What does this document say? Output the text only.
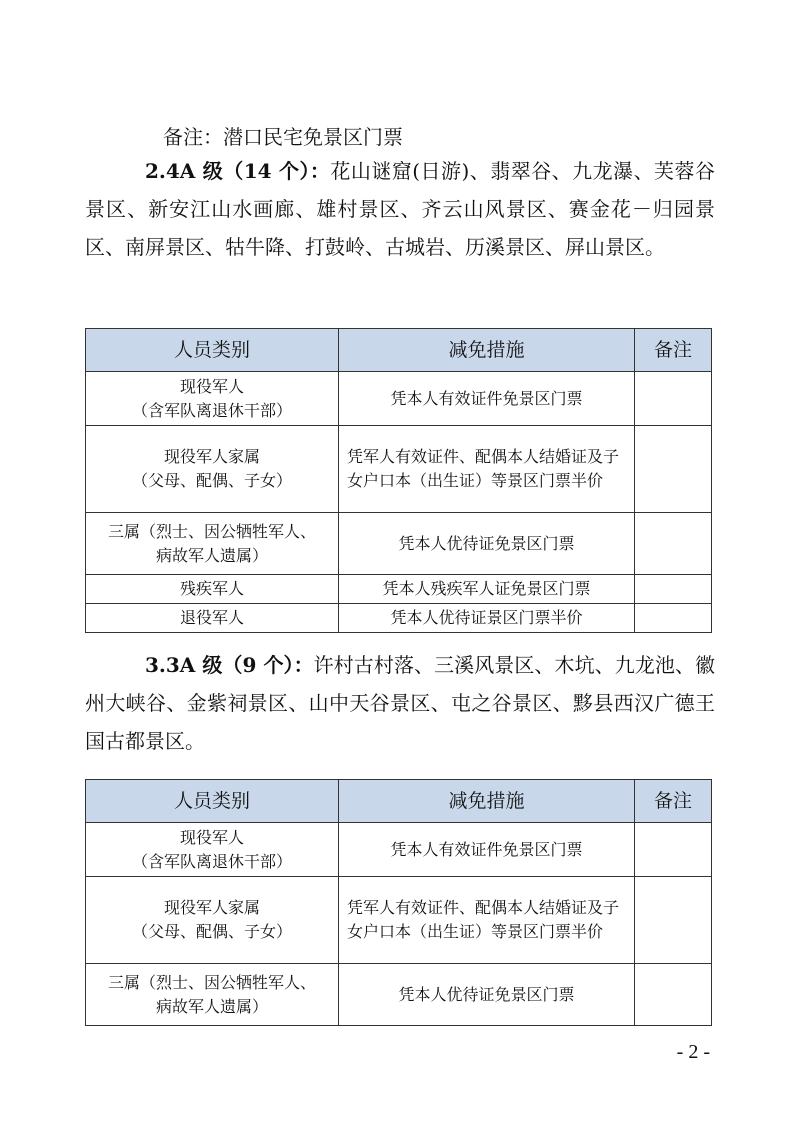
备注：潜口民宅免景区门票
2.4A 级（14 个）：花山谜窟(日游)、翡翠谷、九龙瀑、芙蓉谷景区、新安江山水画廊、雄村景区、齐云山风景区、赛金花－归园景区、南屏景区、牯牛降、打鼓岭、古城岩、历溪景区、屏山景区。
人员类别	减免措施	备注

现役军人
（含军队离退休干部）	凭本人有效证件免景区门票	

现役军人家属
（父母、配偶、子女）	凭军人有效证件、配偶本人结婚证及子女户口本（出生证）等景区门票半价	

三属（烈士、因公牺牲军人、
病故军人遗属）	凭本人优待证免景区门票	

残疾军人	凭本人残疾军人证免景区门票	

退役军人	凭本人优待证景区门票半价	

3.3A 级（9 个）：许村古村落、三溪风景区、木坑、九龙池、徽州大峡谷、金紫祠景区、山中天谷景区、屯之谷景区、黟县西汉广德王国古都景区。
人员类别	减免措施	备注

现役军人
（含军队离退休干部）	凭本人有效证件免景区门票	

现役军人家属
（父母、配偶、子女）	凭军人有效证件、配偶本人结婚证及子女户口本（出生证）等景区门票半价	

三属（烈士、因公牺牲军人、
病故军人遗属）	凭本人优待证免景区门票	

- 2 -
